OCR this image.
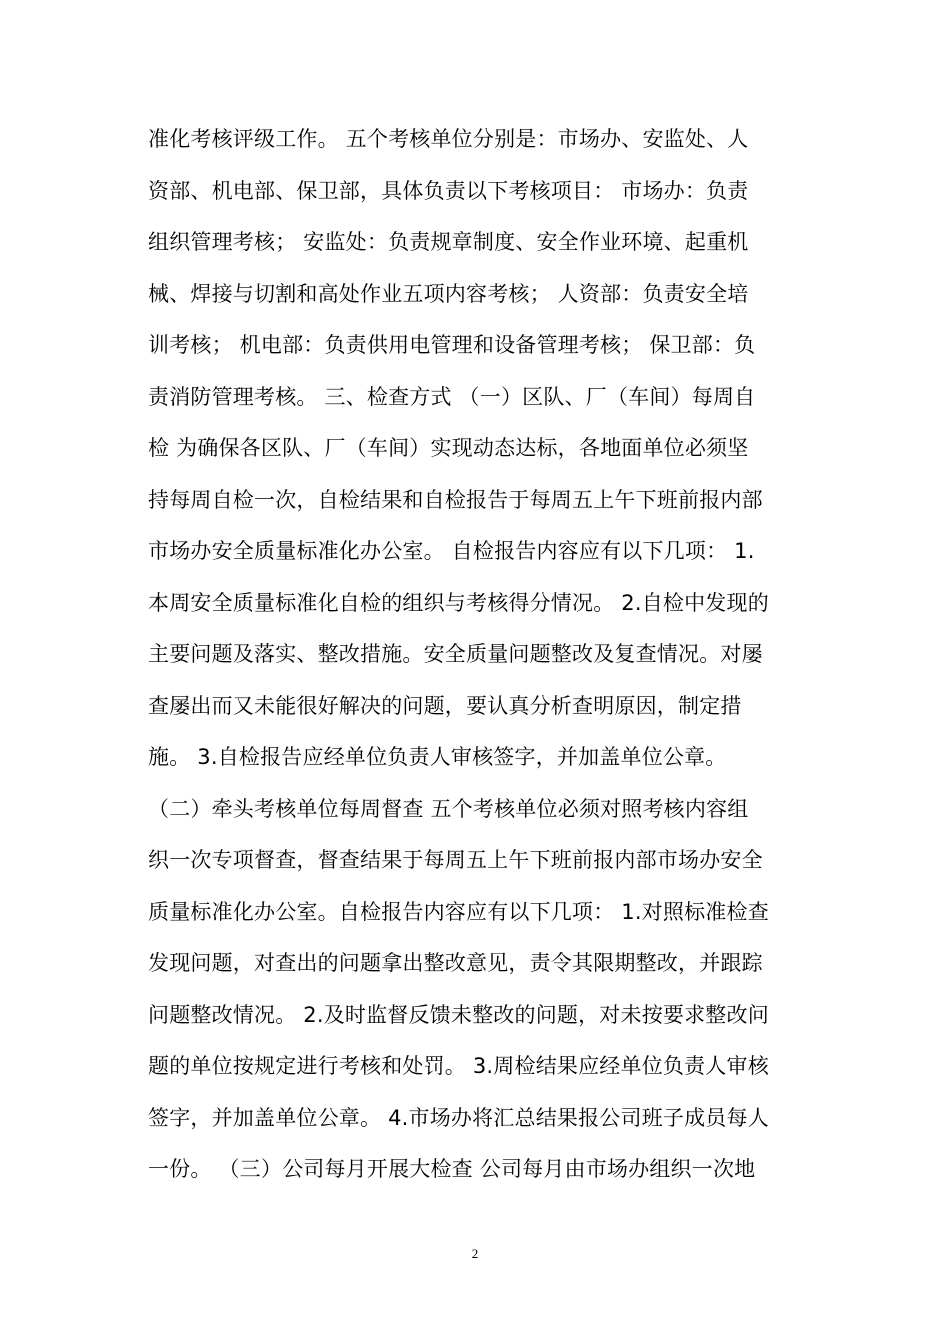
准化考核评级工作。 五个考核单位分别是：市场办、安监处、人
资部、机电部、保卫部，具体负责以下考核项目： 市场办：负责
组织管理考核； 安监处：负责规章制度、安全作业环境、起重机
械、焊接与切割和高处作业五项内容考核； 人资部：负责安全培
训考核； 机电部：负责供用电管理和设备管理考核； 保卫部：负
责消防管理考核。 三、检查方式 （一）区队、厂（车间）每周自
检 为确保各区队、厂（车间）实现动态达标，各地面单位必须坚
持每周自检一次，自检结果和自检报告于每周五上午下班前报内部
市场办安全质量标准化办公室。 自检报告内容应有以下几项： 1.
本周安全质量标准化自检的组织与考核得分情况。 2.自检中发现的
主要问题及落实、整改措施。安全质量问题整改及复查情况。对屡
查屡出而又未能很好解决的问题，要认真分析查明原因，制定措
施。 3.自检报告应经单位负责人审核签字，并加盖单位公章。
（二）牵头考核单位每周督查 五个考核单位必须对照考核内容组
织一次专项督查，督查结果于每周五上午下班前报内部市场办安全
质量标准化办公室。自检报告内容应有以下几项： 1.对照标准检查
发现问题，对查出的问题拿出整改意见，责令其限期整改，并跟踪
问题整改情况。 2.及时监督反馈未整改的问题，对未按要求整改问
题的单位按规定进行考核和处罚。 3.周检结果应经单位负责人审核
签字，并加盖单位公章。 4.市场办将汇总结果报公司班子成员每人
一份。 （三）公司每月开展大检查 公司每月由市场办组织一次地
2
